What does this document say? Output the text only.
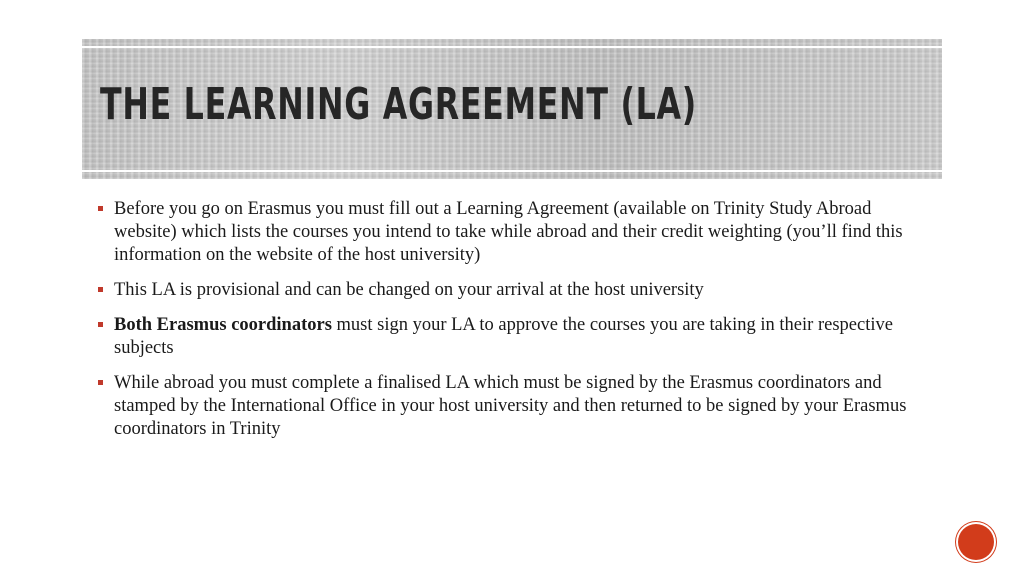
THE LEARNING AGREEMENT (LA)
Before you go on Erasmus you must fill out a Learning Agreement (available on Trinity Study Abroad website) which lists the courses you intend to take while abroad and their credit weighting (you’ll find this information on the website of the host university)
This LA is provisional and can be changed on your arrival at the host university
Both Erasmus coordinators must sign your LA to approve the courses you are taking in their respective subjects
While abroad you must complete a finalised LA which must be signed by the Erasmus coordinators and stamped by the International Office in your host university and then returned to be signed by your Erasmus coordinators in Trinity
